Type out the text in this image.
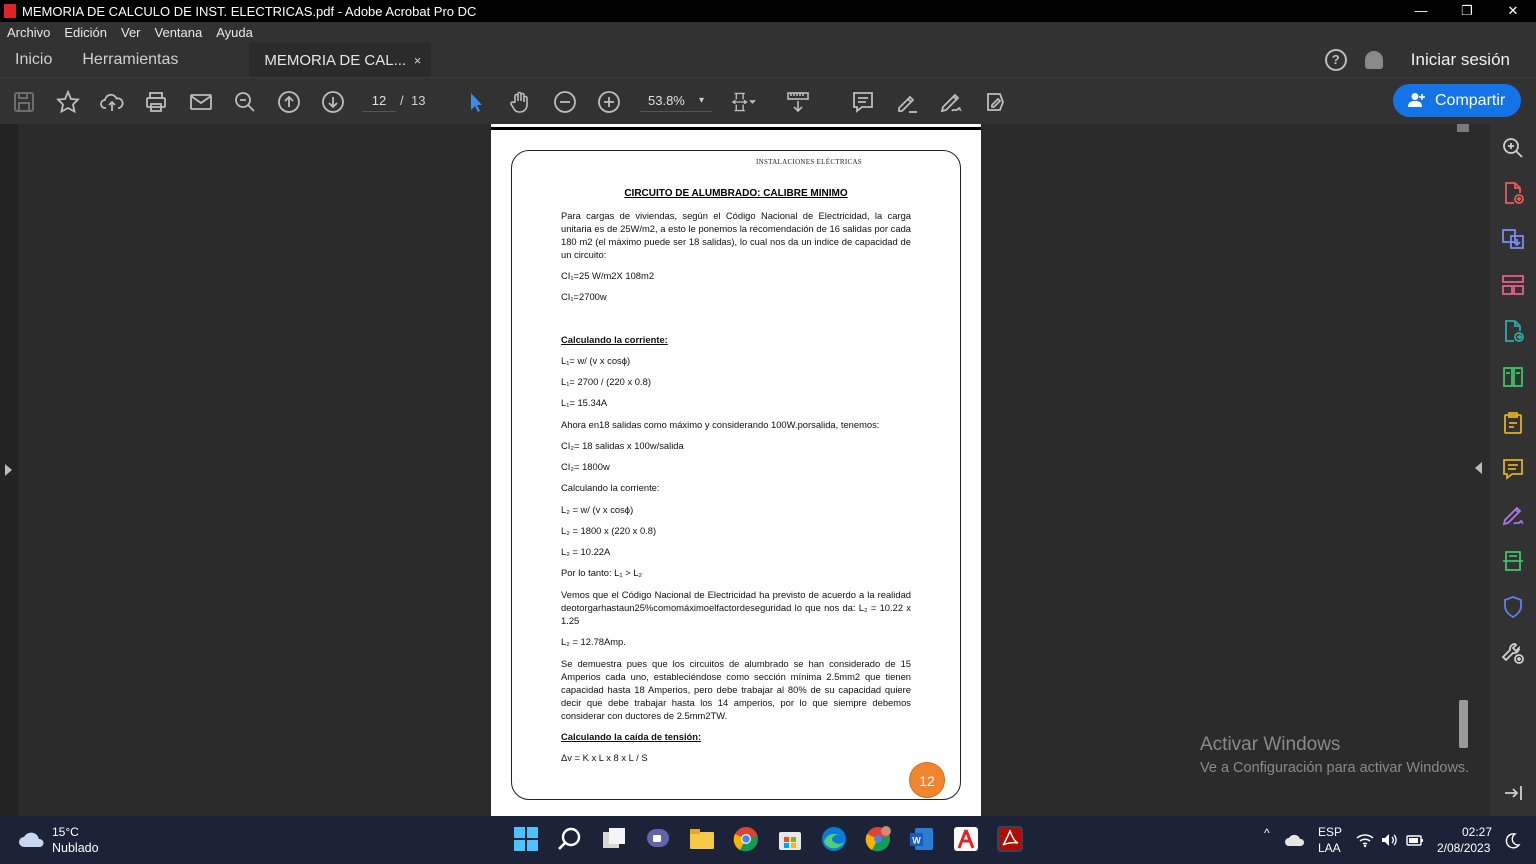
MEMORIA DE CALCULO DE INST. ELECTRICAS.pdf - Adobe Acrobat Pro DC	—	❐	✕
Archivo Edición Ver Ventana Ayuda
Inicio	Herramientas	MEMORIA DE CAL... ×	?	Iniciar sesión
12	/ 13	53.8% ▾	Compartir
INSTALACIONES ELÉCTRICAS
CIRCUITO DE ALUMBRADO: CALIBRE MINIMO
Para cargas de viviendas, según el Código Nacional de Electricidad, la carga unitaria es de 25W/m2, a esto le ponemos la recomendación de 16 salidas por cada 180 m2 (el máximo puede ser 18 salidas), lo cual nos da un indice de capacidad de un circuito:
CI₁=25 W/m2X 108m2
CI₁=2700w
Calculando la corriente:
L₁= w/ (v x cosϕ)
L₁= 2700 / (220 x 0.8)
L₁= 15.34A
Ahora en18 salidas como máximo y considerando 100W.porsalida, tenemos:
CI₂= 18 salidas x 100w/salida
CI₂= 1800w
Calculando la corriente:
L₂ = w/ (v x cosϕ)
L₂ = 1800 x (220 x 0.8)
L₂ = 10.22A
Por lo tanto: L₁ > L₂
Vemos que el Código Nacional de Electricidad ha previsto de acuerdo a la realidad deotorgarhastaun25%comomáximoelfactordeseguridad lo que nos da: L₂ = 10.22 x 1.25
L₂ = 12.78Amp.
Se demuestra pues que los circuitos de alumbrado se han considerado de 15 Amperios cada uno, estableciéndose como sección mínima 2.5mm2 que tienen capacidad hasta 18 Amperios, pero debe trabajar al 80% de su capacidad quiere decir que debe trabajar hasta los 14 amperios, por lo que siempre debemos considerar con ductores de 2.5mm2TW.
Calculando la caída de tensión:
Δv = K x L x 8 x L / S
12
Activar Windows
Ve a Configuración para activar Windows.
15°C
Nublado
W
^	ESP
LAA
02:27
2/08/2023
